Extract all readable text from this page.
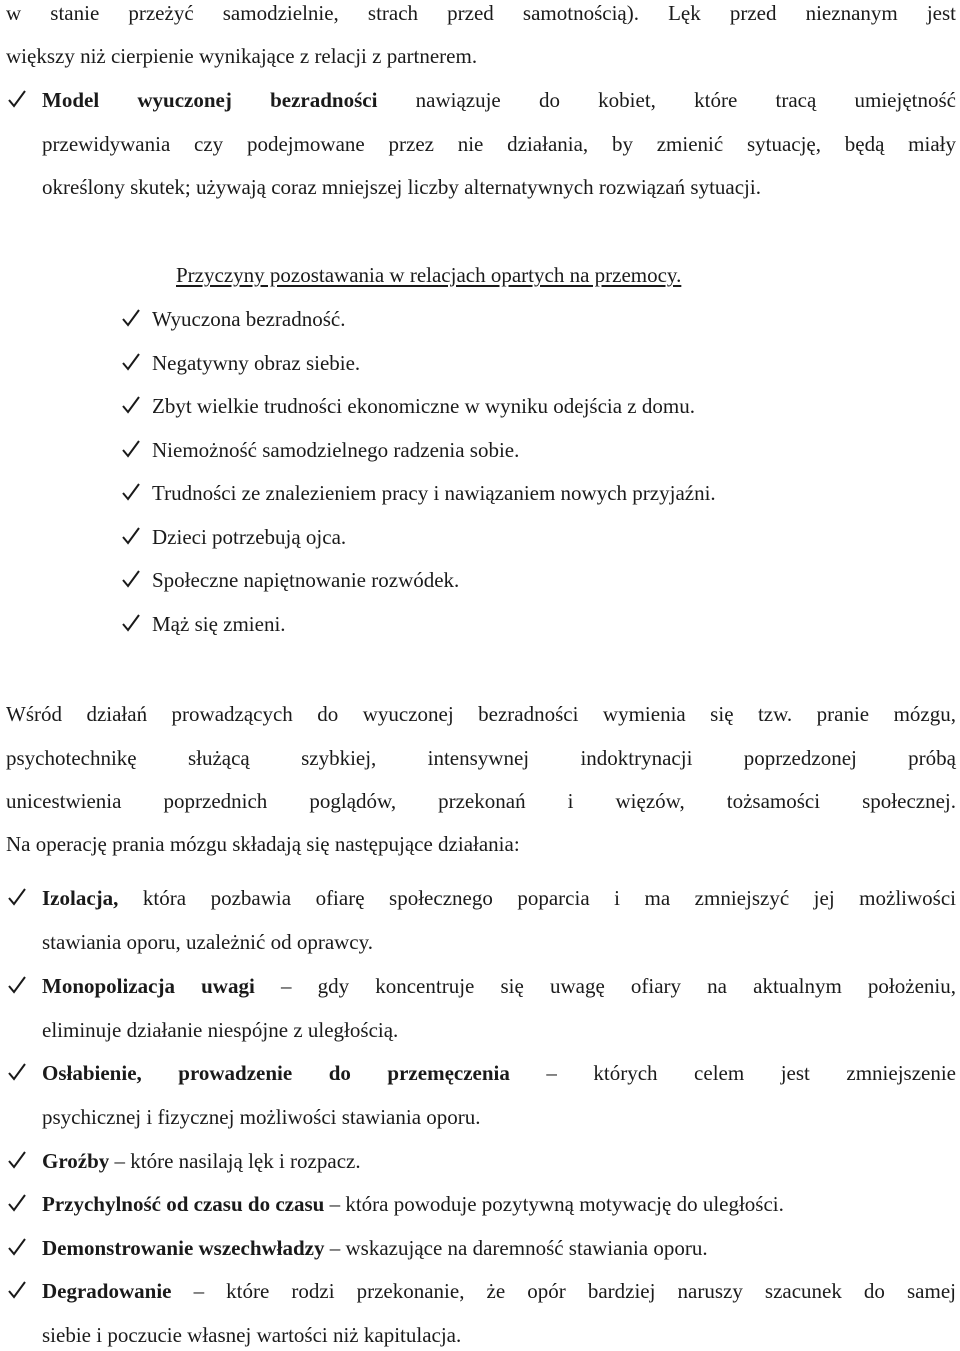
w stanie przeżyć samodzielnie, strach przed samotnością). Lęk przed nieznanym jest
większy niż cierpienie wynikające z relacji z partnerem.
Model wyuczonej bezradności nawiązuje do kobiet, które tracą umiejętność
przewidywania czy podejmowane przez nie działania, by zmienić sytuację, będą miały
określony skutek; używają coraz mniejszej liczby alternatywnych rozwiązań sytuacji.
Przyczyny pozostawania w relacjach opartych na przemocy.
Wyuczona bezradność.
Negatywny obraz siebie.
Zbyt wielkie trudności ekonomiczne w wyniku odejścia z domu.
Niemożność samodzielnego radzenia sobie.
Trudności ze znalezieniem pracy i nawiązaniem nowych przyjaźni.
Dzieci potrzebują ojca.
Społeczne napiętnowanie rozwódek.
Mąż się zmieni.
Wśród działań prowadzących do wyuczonej bezradności wymienia się tzw. pranie mózgu,
psychotechnikę służącą szybkiej, intensywnej indoktrynacji poprzedzonej próbą
unicestwienia poprzednich poglądów, przekonań i więzów, tożsamości społecznej.
Na operację prania mózgu składają się następujące działania:
Izolacja, która pozbawia ofiarę społecznego poparcia i ma zmniejszyć jej możliwości
stawiania oporu, uzależnić od oprawcy.
Monopolizacja uwagi – gdy koncentruje się uwagę ofiary na aktualnym położeniu,
eliminuje działanie niespójne z uległością.
Osłabienie, prowadzenie do przemęczenia – których celem jest zmniejszenie
psychicznej i fizycznej możliwości stawiania oporu.
Groźby – które nasilają lęk i rozpacz.
Przychylność od czasu do czasu – która powoduje pozytywną motywację do uległości.
Demonstrowanie wszechwładzy – wskazujące na daremność stawiania oporu.
Degradowanie – które rodzi przekonanie, że opór bardziej naruszy szacunek do samej
siebie i poczucie własnej wartości niż kapitulacja.
